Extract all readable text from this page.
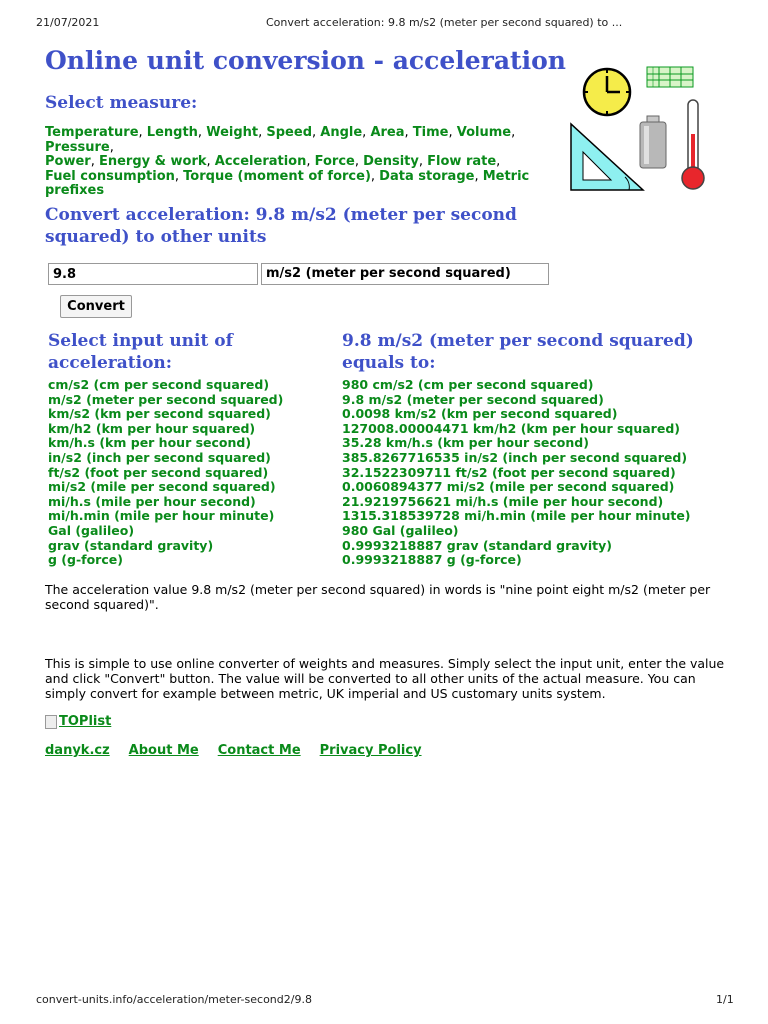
21/07/2021	Convert acceleration: 9.8 m/s2 (meter per second squared) to ...
Online unit conversion - acceleration
Select measure:
Temperature, Length, Weight, Speed, Angle, Area, Time, Volume, Pressure,
Power, Energy & work, Acceleration, Force, Density, Flow rate,
Fuel consumption, Torque (moment of force), Data storage, Metric prefixes
Convert acceleration: 9.8 m/s2 (meter per second squared) to other units
9.8
m/s2 (meter per second squared)
Convert
Select input unit of acceleration:
cm/s2 (cm per second squared)
m/s2 (meter per second squared)
km/s2 (km per second squared)
km/h2 (km per hour squared)
km/h.s (km per hour second)
in/s2 (inch per second squared)
ft/s2 (foot per second squared)
mi/s2 (mile per second squared)
mi/h.s (mile per hour second)
mi/h.min (mile per hour minute)
Gal (galileo)
grav (standard gravity)
g (g-force)
9.8 m/s2 (meter per second squared) equals to:
980 cm/s2 (cm per second squared)
9.8 m/s2 (meter per second squared)
0.0098 km/s2 (km per second squared)
127008.00004471 km/h2 (km per hour squared)
35.28 km/h.s (km per hour second)
385.8267716535 in/s2 (inch per second squared)
32.1522309711 ft/s2 (foot per second squared)
0.0060894377 mi/s2 (mile per second squared)
21.9219756621 mi/h.s (mile per hour second)
1315.318539728 mi/h.min (mile per hour minute)
980 Gal (galileo)
0.9993218887 grav (standard gravity)
0.9993218887 g (g-force)
The acceleration value 9.8 m/s2 (meter per second squared) in words is "nine point eight m/s2 (meter per second squared)".
This is simple to use online converter of weights and measures. Simply select the input unit, enter the value and click "Convert" button. The value will be converted to all other units of the actual measure. You can simply convert for example between metric, UK imperial and US customary units system.
TOPlist
danyk.cz About Me Contact Me Privacy Policy
convert-units.info/acceleration/meter-second2/9.8	1/1
